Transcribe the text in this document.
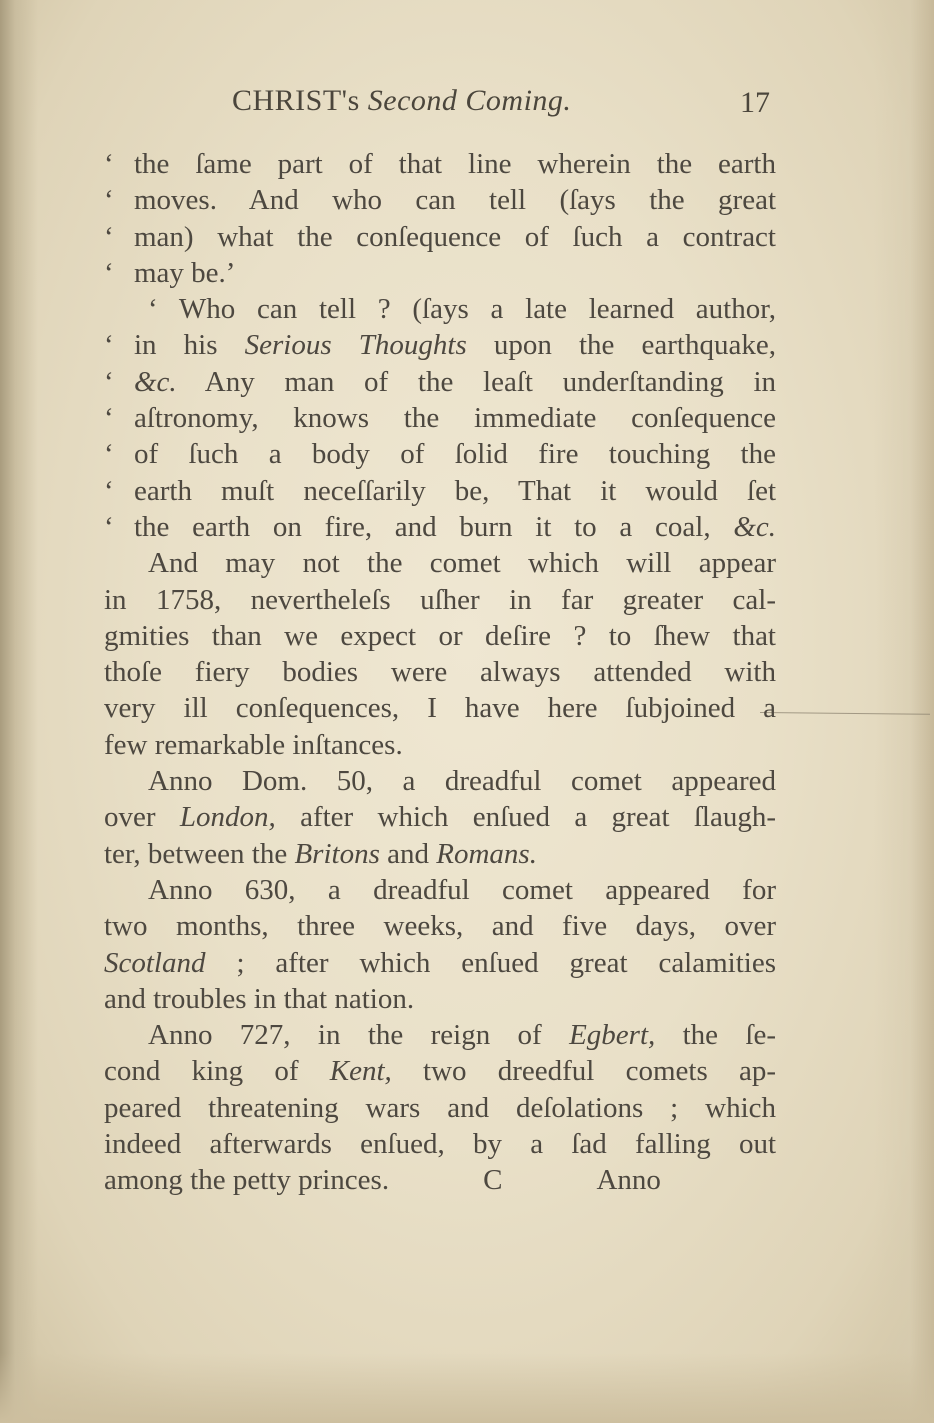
CHRIST's Second Coming.	17
‘ the ſame part of that line wherein the earth
‘ moves. And who can tell (ſays the great
‘ man) what the conſequence of ſuch a contract
‘ may be.’
‘ Who can tell ? (ſays a late learned author,
‘ in his Serious Thoughts upon the earthquake,
‘ &c. Any man of the leaſt underſtanding in
‘ aſtronomy, knows the immediate conſequence
‘ of ſuch a body of ſolid fire touching the
‘ earth muſt neceſſarily be, That it would ſet
‘ the earth on fire, and burn it to a coal, &c.
And may not the comet which will appear
in 1758, nevertheleſs uſher in far greater cal-
gmities than we expect or deſire ? to ſhew that
thoſe fiery bodies were always attended with
very ill conſequences, I have here ſubjoined a
few remarkable inſtances.
Anno Dom. 50, a dreadful comet appeared
over London, after which enſued a great ſlaugh-
ter, between the Britons and Romans.
Anno 630, a dreadful comet appeared for
two months, three weeks, and five days, over
Scotland ; after which enſued great calamities
and troubles in that nation.
Anno 727, in the reign of Egbert, the ſe-
cond king of Kent, two dreedful comets ap-
peared threatening wars and deſolations ; which
indeed afterwards enſued, by a ſad falling out
among the petty princes.	C	Anno
